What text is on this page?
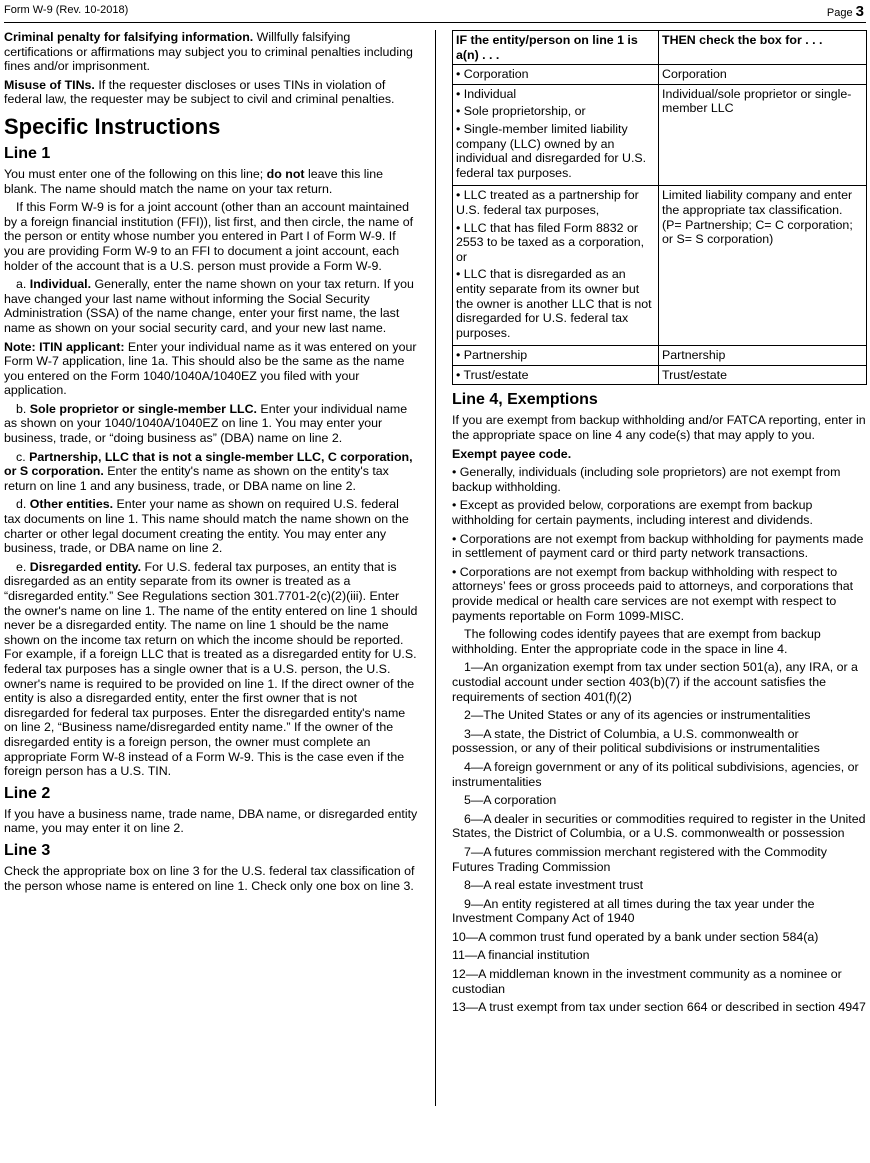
Form W-9 (Rev. 10-2018)	Page 3

Criminal penalty for falsifying information. Willfully falsifying certifications or affirmations may subject you to criminal penalties including fines and/or imprisonment.

Misuse of TINs. If the requester discloses or uses TINs in violation of federal law, the requester may be subject to civil and criminal penalties.

Specific Instructions
Line 1

You must enter one of the following on this line; do not leave this line blank. The name should match the name on your tax return.

If this Form W-9 is for a joint account (other than an account maintained by a foreign financial institution (FFI)), list first, and then circle, the name of the person or entity whose number you entered in Part I of Form W-9. If you are providing Form W-9 to an FFI to document a joint account, each holder of the account that is a U.S. person must provide a Form W-9.

a. Individual. Generally, enter the name shown on your tax return. If you have changed your last name without informing the Social Security Administration (SSA) of the name change, enter your first name, the last name as shown on your social security card, and your new last name.

Note: ITIN applicant: Enter your individual name as it was entered on your Form W-7 application, line 1a. This should also be the same as the name you entered on the Form 1040/1040A/1040EZ you filed with your application.

b. Sole proprietor or single-member LLC. Enter your individual name as shown on your 1040/1040A/1040EZ on line 1. You may enter your business, trade, or “doing business as” (DBA) name on line 2.

c. Partnership, LLC that is not a single-member LLC, C corporation, or S corporation. Enter the entity's name as shown on the entity's tax return on line 1 and any business, trade, or DBA name on line 2.

d. Other entities. Enter your name as shown on required U.S. federal tax documents on line 1. This name should match the name shown on the charter or other legal document creating the entity. You may enter any business, trade, or DBA name on line 2.

e. Disregarded entity. For U.S. federal tax purposes, an entity that is disregarded as an entity separate from its owner is treated as a “disregarded entity.” See Regulations section 301.7701-2(c)(2)(iii). Enter the owner's name on line 1. The name of the entity entered on line 1 should never be a disregarded entity. The name on line 1 should be the name shown on the income tax return on which the income should be reported. For example, if a foreign LLC that is treated as a disregarded entity for U.S. federal tax purposes has a single owner that is a U.S. person, the U.S. owner's name is required to be provided on line 1. If the direct owner of the entity is also a disregarded entity, enter the first owner that is not disregarded for federal tax purposes. Enter the disregarded entity's name on line 2, “Business name/disregarded entity name.” If the owner of the disregarded entity is a foreign person, the owner must complete an appropriate Form W-8 instead of a Form W-9. This is the case even if the foreign person has a U.S. TIN.

Line 2

If you have a business name, trade name, DBA name, or disregarded entity name, you may enter it on line 2.

Line 3

Check the appropriate box on line 3 for the U.S. federal tax classification of the person whose name is entered on line 1. Check only one box on line 3.

IF the entity/person on line 1 is a(n) . . .	THEN check the box for . . .
• Corporation	Corporation

• Individual
• Sole proprietorship, or
• Single-member limited liability company (LLC) owned by an individual and disregarded for U.S. federal tax purposes.	Individual/sole proprietor or single-member LLC

• LLC treated as a partnership for U.S. federal tax purposes,
• LLC that has filed Form 8832 or 2553 to be taxed as a corporation, or
• LLC that is disregarded as an entity separate from its owner but the owner is another LLC that is not disregarded for U.S. federal tax purposes.	Limited liability company and enter the appropriate tax classification. (P= Partnership; C= C corporation; or S= S corporation)
• Partnership	Partnership
• Trust/estate	Trust/estate
Line 4, Exemptions

If you are exempt from backup withholding and/or FATCA reporting, enter in the appropriate space on line 4 any code(s) that may apply to you.

Exempt payee code.

• Generally, individuals (including sole proprietors) are not exempt from backup withholding.

• Except as provided below, corporations are exempt from backup withholding for certain payments, including interest and dividends.

• Corporations are not exempt from backup withholding for payments made in settlement of payment card or third party network transactions.

• Corporations are not exempt from backup withholding with respect to attorneys’ fees or gross proceeds paid to attorneys, and corporations that provide medical or health care services are not exempt with respect to payments reportable on Form 1099-MISC.

The following codes identify payees that are exempt from backup withholding. Enter the appropriate code in the space in line 4.

1—An organization exempt from tax under section 501(a), any IRA, or a custodial account under section 403(b)(7) if the account satisfies the requirements of section 401(f)(2)

2—The United States or any of its agencies or instrumentalities

3—A state, the District of Columbia, a U.S. commonwealth or possession, or any of their political subdivisions or instrumentalities

4—A foreign government or any of its political subdivisions, agencies, or instrumentalities

5—A corporation

6—A dealer in securities or commodities required to register in the United States, the District of Columbia, or a U.S. commonwealth or possession

7—A futures commission merchant registered with the Commodity Futures Trading Commission

8—A real estate investment trust

9—An entity registered at all times during the tax year under the Investment Company Act of 1940

10—A common trust fund operated by a bank under section 584(a)

11—A financial institution

12—A middleman known in the investment community as a nominee or custodian

13—A trust exempt from tax under section 664 or described in section 4947
